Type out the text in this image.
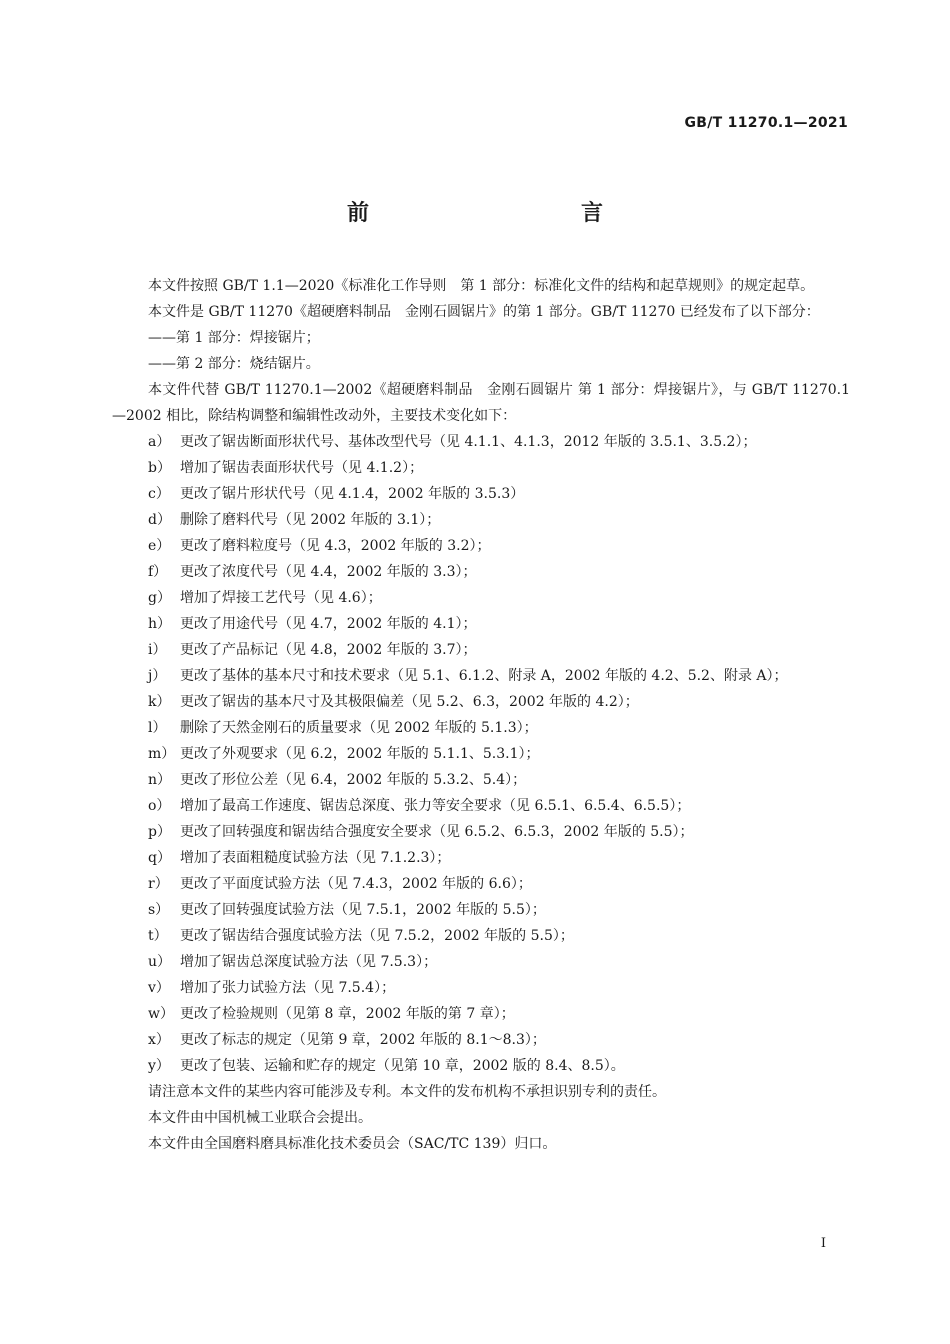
GB/T 11270.1—2021
前　　言

本文件按照 GB/T 1.1—2020《标准化工作导则　第 1 部分：标准化文件的结构和起草规则》的规定起草。

本文件是 GB/T 11270《超硬磨料制品　金刚石圆锯片》的第 1 部分。GB/T 11270 已经发布了以下部分：

——第 1 部分：焊接锯片；

——第 2 部分：烧结锯片。

本文件代替 GB/T 11270.1—2002《超硬磨料制品　金刚石圆锯片 第 1 部分：焊接锯片》，与 GB/T 11270.1—2002 相比，除结构调整和编辑性改动外，主要技术变化如下：

a） 更改了锯齿断面形状代号、基体改型代号（见 4.1.1、4.1.3，2012 年版的 3.5.1、3.5.2）；
b） 增加了锯齿表面形状代号（见 4.1.2）；
c） 更改了锯片形状代号（见 4.1.4，2002 年版的 3.5.3）
d） 删除了磨料代号（见 2002 年版的 3.1）；
e） 更改了磨料粒度号（见 4.3，2002 年版的 3.2）；
f） 更改了浓度代号（见 4.4，2002 年版的 3.3）；
g） 增加了焊接工艺代号（见 4.6）；
h） 更改了用途代号（见 4.7，2002 年版的 4.1）；
i） 更改了产品标记（见 4.8，2002 年版的 3.7）；
j） 更改了基体的基本尺寸和技术要求（见 5.1、6.1.2、附录 A，2002 年版的 4.2、5.2、附录 A）；
k） 更改了锯齿的基本尺寸及其极限偏差（见 5.2、6.3，2002 年版的 4.2）；
l） 删除了天然金刚石的质量要求（见 2002 年版的 5.1.3）；
m） 更改了外观要求（见 6.2，2002 年版的 5.1.1、5.3.1）；
n） 更改了形位公差（见 6.4，2002 年版的 5.3.2、5.4）；
o） 增加了最高工作速度、锯齿总深度、张力等安全要求（见 6.5.1、6.5.4、6.5.5）；
p） 更改了回转强度和锯齿结合强度安全要求（见 6.5.2、6.5.3，2002 年版的 5.5）；
q） 增加了表面粗糙度试验方法（见 7.1.2.3）；
r） 更改了平面度试验方法（见 7.4.3，2002 年版的 6.6）；
s） 更改了回转强度试验方法（见 7.5.1，2002 年版的 5.5）；
t） 更改了锯齿结合强度试验方法（见 7.5.2，2002 年版的 5.5）；
u） 增加了锯齿总深度试验方法（见 7.5.3）；
v） 增加了张力试验方法（见 7.5.4）；
w） 更改了检验规则（见第 8 章，2002 年版的第 7 章）；
x） 更改了标志的规定（见第 9 章，2002 年版的 8.1～8.3）；
y） 更改了包装、运输和贮存的规定（见第 10 章，2002 版的 8.4、8.5）。

请注意本文件的某些内容可能涉及专利。本文件的发布机构不承担识别专利的责任。

本文件由中国机械工业联合会提出。

本文件由全国磨料磨具标准化技术委员会（SAC/TC 139）归口。

I
